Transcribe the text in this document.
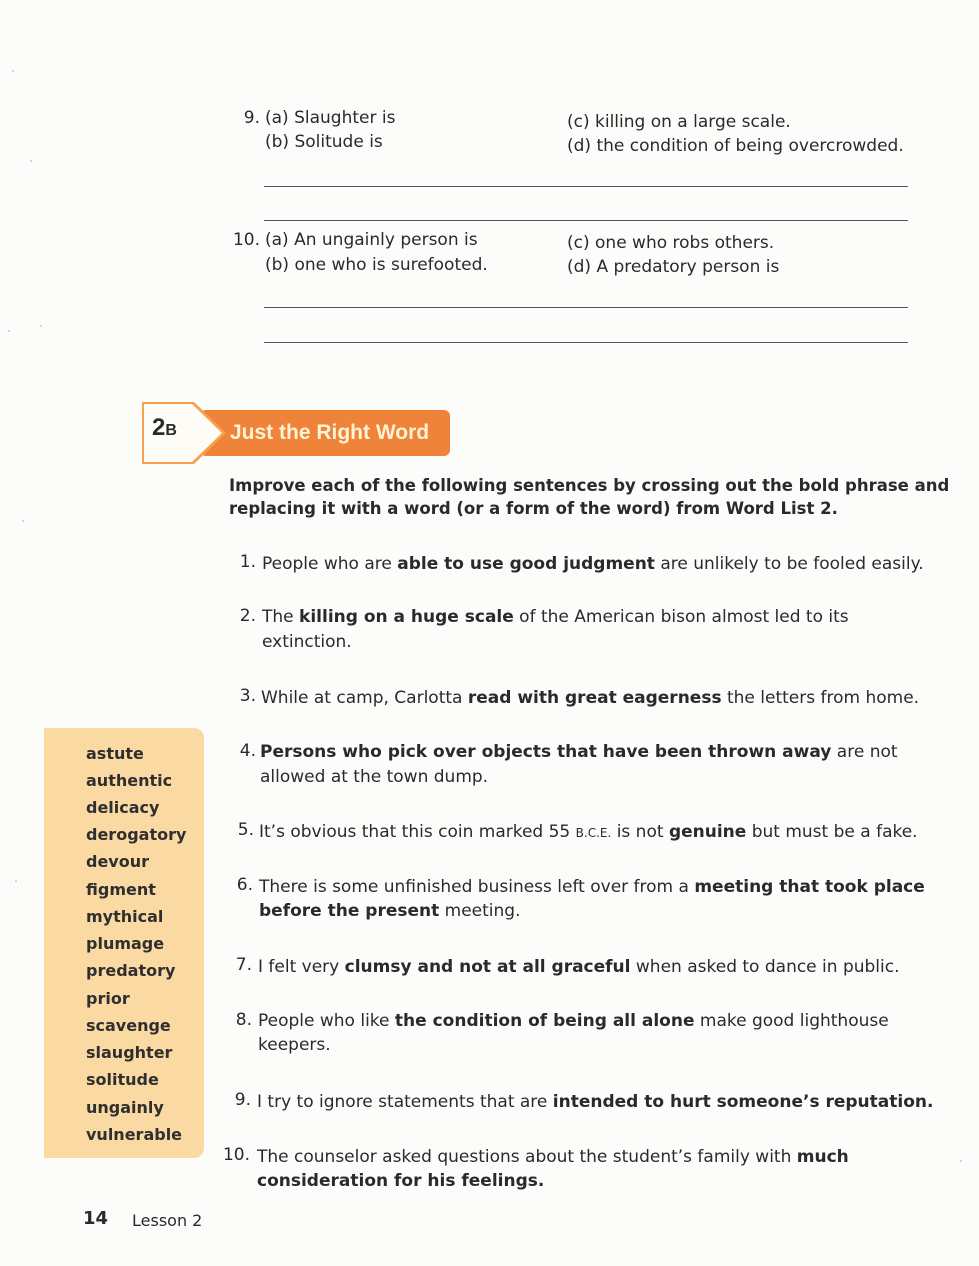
9. (a) Slaughter is
(b) Solitude is
(c) killing on a large scale.
(d) the condition of being overcrowded.
10. (a) An ungainly person is
(b) one who is surefooted.
(c) one who robs others.
(d) A predatory person is
2B	Just the Right Word
Improve each of the following sentences by crossing out the bold phrase and
replacing it with a word (or a form of the word) from Word List 2.
1. People who are able to use good judgment are unlikely to be fooled easily.
2. The killing on a huge scale of the American bison almost led to its
extinction.
3. While at camp, Carlotta read with great eagerness the letters from home.
4. Persons who pick over objects that have been thrown away are not
allowed at the town dump.
5. It’s obvious that this coin marked 55 B.C.E. is not genuine but must be a fake.
6. There is some unfinished business left over from a meeting that took place
before the present meeting.
7. I felt very clumsy and not at all graceful when asked to dance in public.
8. People who like the condition of being all alone make good lighthouse
keepers.
9. I try to ignore statements that are intended to hurt someone’s reputation.
10. The counselor asked questions about the student’s family with much
consideration for his feelings.
astute
authentic
delicacy
derogatory
devour
figment
mythical
plumage
predatory
prior
scavenge
slaughter
solitude
ungainly
vulnerable
14 Lesson 2
